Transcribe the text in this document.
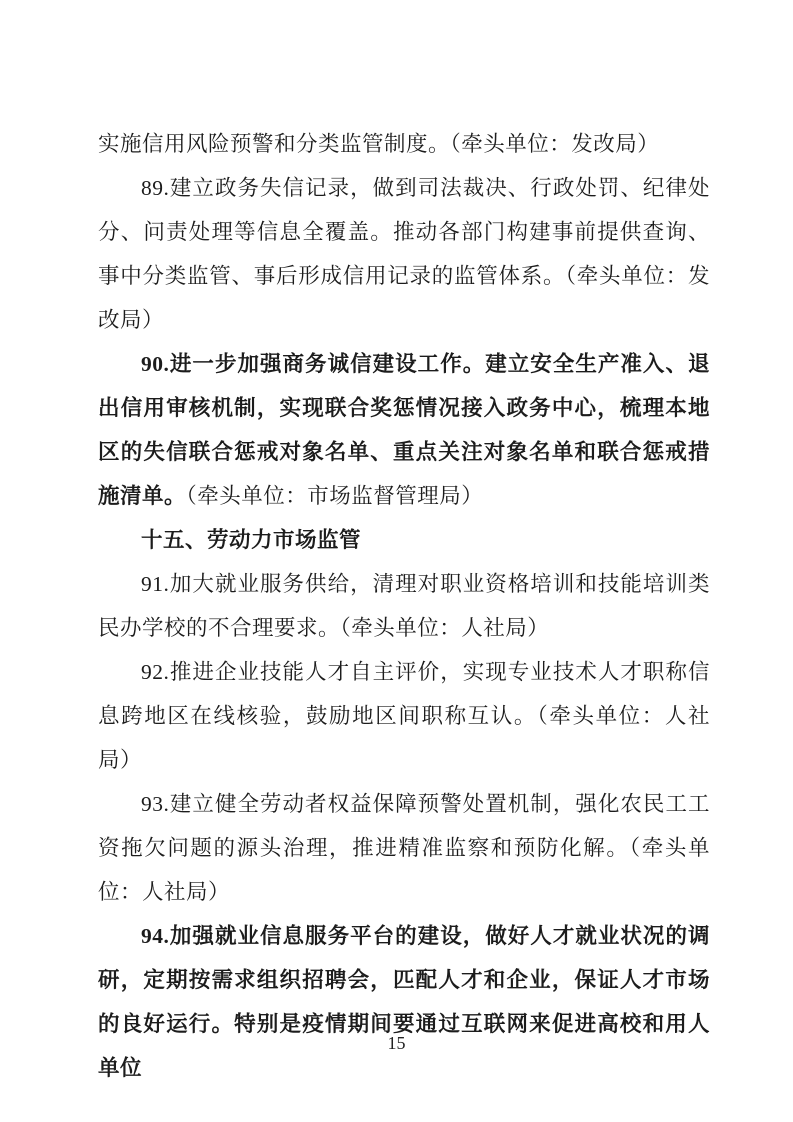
实施信用风险预警和分类监管制度。（牵头单位：发改局）

89.建立政务失信记录，做到司法裁决、行政处罚、纪律处分、问责处理等信息全覆盖。推动各部门构建事前提供查询、事中分类监管、事后形成信用记录的监管体系。（牵头单位：发改局）

90.进一步加强商务诚信建设工作。建立安全生产准入、退出信用审核机制，实现联合奖惩情况接入政务中心，梳理本地区的失信联合惩戒对象名单、重点关注对象名单和联合惩戒措施清单。（牵头单位：市场监督管理局）

十五、劳动力市场监管

91.加大就业服务供给，清理对职业资格培训和技能培训类民办学校的不合理要求。（牵头单位：人社局）

92.推进企业技能人才自主评价，实现专业技术人才职称信息跨地区在线核验，鼓励地区间职称互认。（牵头单位：人社局）

93.建立健全劳动者权益保障预警处置机制，强化农民工工资拖欠问题的源头治理，推进精准监察和预防化解。（牵头单位：人社局）

94.加强就业信息服务平台的建设，做好人才就业状况的调研，定期按需求组织招聘会，匹配人才和企业，保证人才市场的良好运行。特别是疫情期间要通过互联网来促进高校和用人单位

15
